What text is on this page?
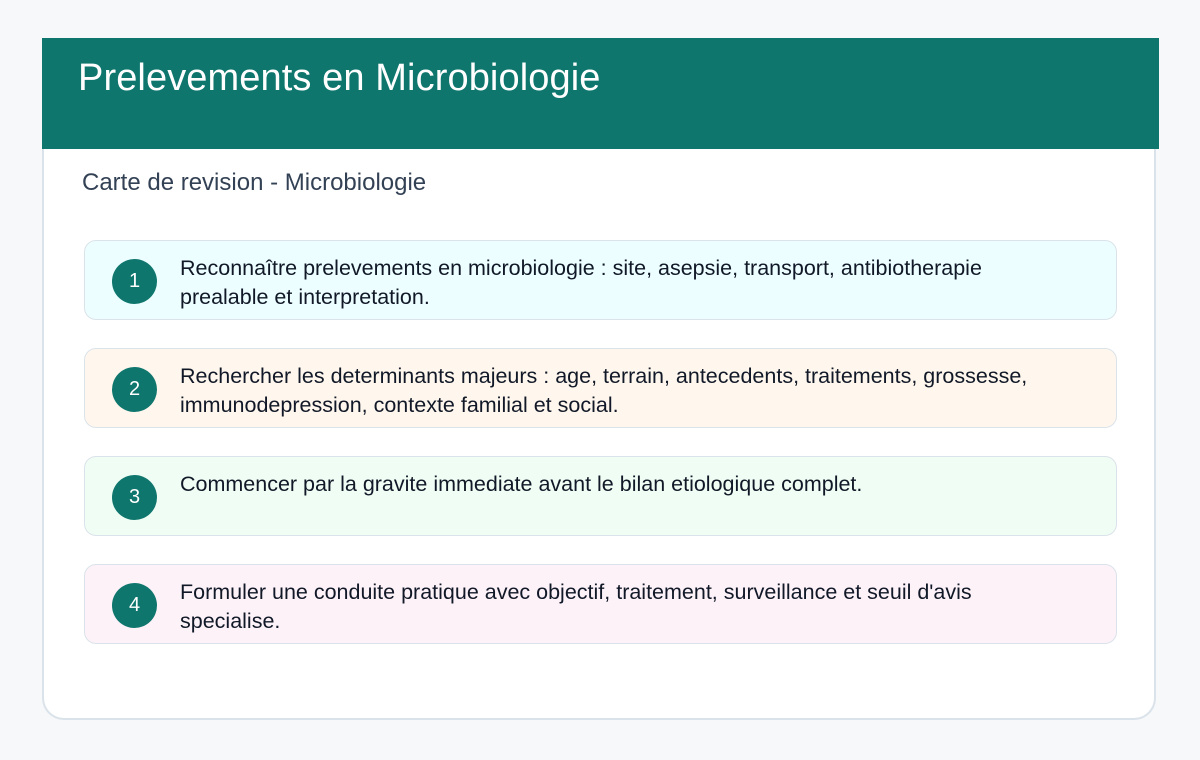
Prelevements en Microbiologie
Carte de revision - Microbiologie
1
Reconnaître prelevements en microbiologie : site, asepsie, transport, antibiotherapie prealable et interpretation.
2
Rechercher les determinants majeurs : age, terrain, antecedents, traitements, grossesse, immunodepression, contexte familial et social.
3
Commencer par la gravite immediate avant le bilan etiologique complet.
4
Formuler une conduite pratique avec objectif, traitement, surveillance et seuil d'avis specialise.
